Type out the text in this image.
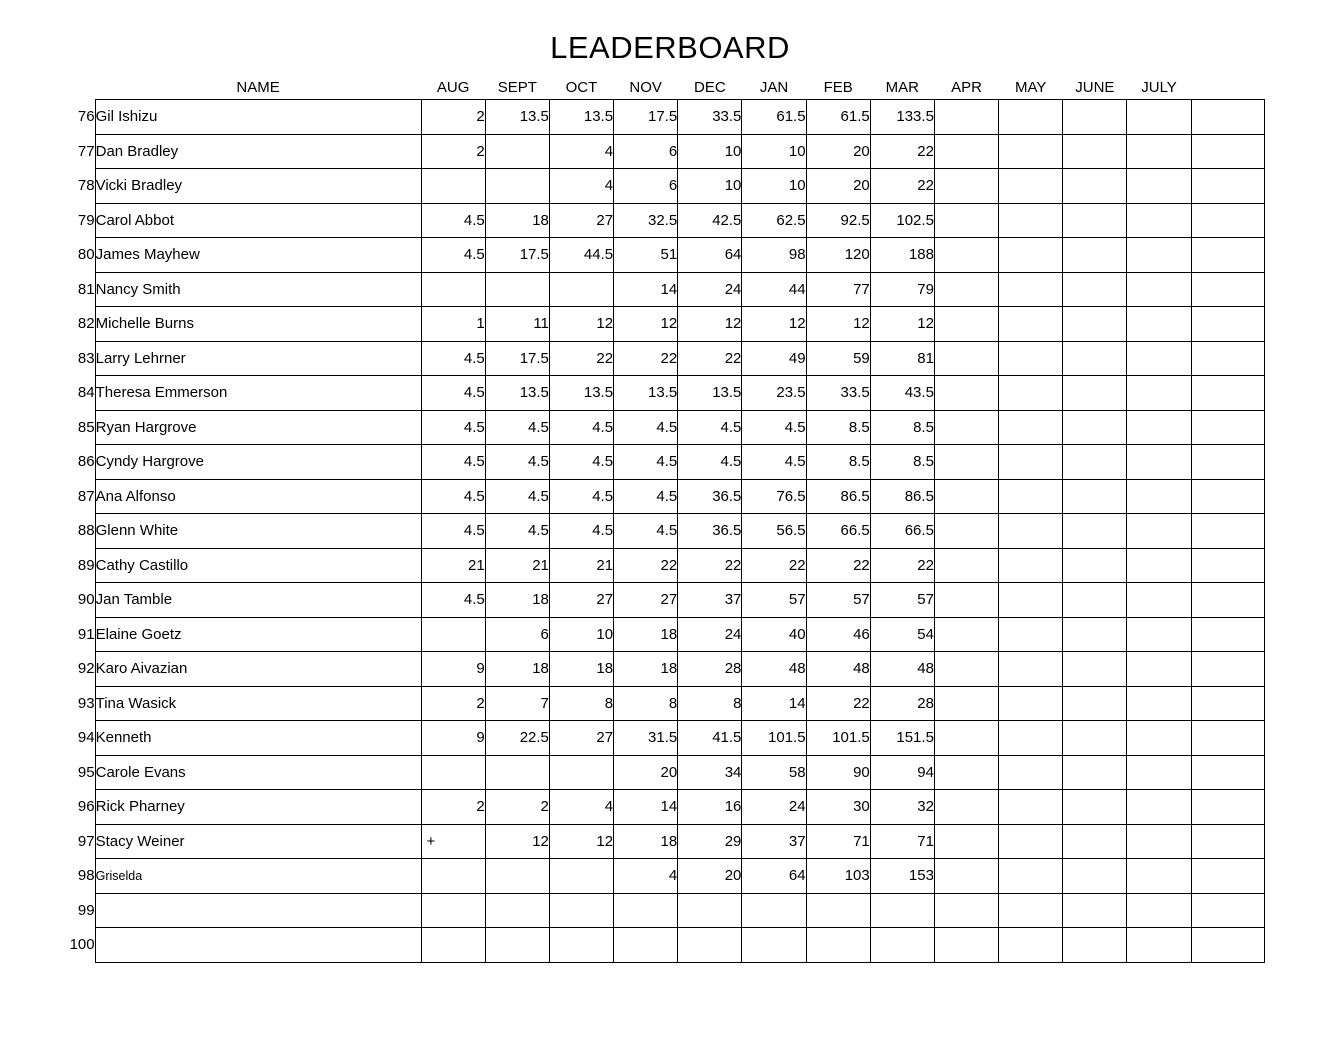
LEADERBOARD
	NAME	AUG	SEPT	OCT	NOV	DEC	JAN	FEB	MAR	APR	MAY	JUNE	JULY	
76	Gil Ishizu	2	13.5	13.5	17.5	33.5	61.5	61.5	133.5					
77	Dan Bradley	2		4	6	10	10	20	22					
78	Vicki Bradley			4	6	10	10	20	22					
79	Carol Abbot	4.5	18	27	32.5	42.5	62.5	92.5	102.5					
80	James Mayhew	4.5	17.5	44.5	51	64	98	120	188					
81	Nancy Smith				14	24	44	77	79					
82	Michelle Burns	1	11	12	12	12	12	12	12					
83	Larry Lehrner	4.5	17.5	22	22	22	49	59	81					
84	Theresa Emmerson	4.5	13.5	13.5	13.5	13.5	23.5	33.5	43.5					
85	Ryan Hargrove	4.5	4.5	4.5	4.5	4.5	4.5	8.5	8.5					
86	Cyndy Hargrove	4.5	4.5	4.5	4.5	4.5	4.5	8.5	8.5					
87	Ana Alfonso	4.5	4.5	4.5	4.5	36.5	76.5	86.5	86.5					
88	Glenn White	4.5	4.5	4.5	4.5	36.5	56.5	66.5	66.5					
89	Cathy Castillo	21	21	21	22	22	22	22	22					
90	Jan Tamble	4.5	18	27	27	37	57	57	57					
91	Elaine Goetz		6	10	18	24	40	46	54					
92	Karo Aivazian	9	18	18	18	28	48	48	48					
93	Tina Wasick	2	7	8	8	8	14	22	28					
94	Kenneth	9	22.5	27	31.5	41.5	101.5	101.5	151.5					
95	Carole Evans				20	34	58	90	94					
96	Rick Pharney	2	2	4	14	16	24	30	32					
97	Stacy Weiner	+	12	12	18	29	37	71	71					
98	Griselda				4	20	64	103	153					
99														
100														
